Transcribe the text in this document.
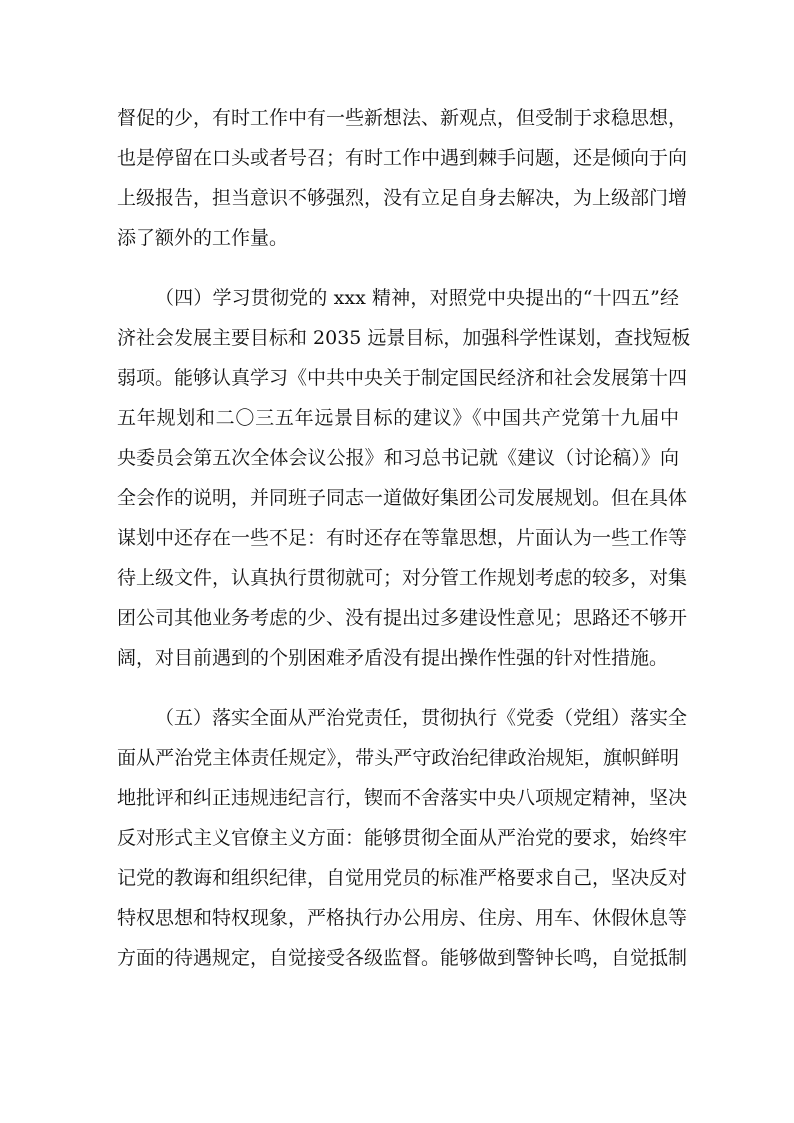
督促的少，有时工作中有一些新想法、新观点，但受制于求稳思想，
也是停留在口头或者号召；有时工作中遇到棘手问题，还是倾向于向
上级报告，担当意识不够强烈，没有立足自身去解决，为上级部门增
添了额外的工作量。
（四）学习贯彻党的 xxx 精神，对照党中央提出的“十四五”经
济社会发展主要目标和 2035 远景目标，加强科学性谋划，查找短板
弱项。能够认真学习《中共中央关于制定国民经济和社会发展第十四
五年规划和二〇三五年远景目标的建议》《中国共产党第十九届中
央委员会第五次全体会议公报》和习总书记就《建议（讨论稿）》向
全会作的说明，并同班子同志一道做好集团公司发展规划。但在具体
谋划中还存在一些不足：有时还存在等靠思想，片面认为一些工作等
待上级文件，认真执行贯彻就可；对分管工作规划考虑的较多，对集
团公司其他业务考虑的少、没有提出过多建设性意见；思路还不够开
阔，对目前遇到的个别困难矛盾没有提出操作性强的针对性措施。
（五）落实全面从严治党责任，贯彻执行《党委（党组）落实全
面从严治党主体责任规定》，带头严守政治纪律政治规矩，旗帜鲜明
地批评和纠正违规违纪言行，锲而不舍落实中央八项规定精神，坚决
反对形式主义官僚主义方面：能够贯彻全面从严治党的要求，始终牢
记党的教诲和组织纪律，自觉用党员的标准严格要求自己，坚决反对
特权思想和特权现象，严格执行办公用房、住房、用车、休假休息等
方面的待遇规定，自觉接受各级监督。能够做到警钟长鸣，自觉抵制
